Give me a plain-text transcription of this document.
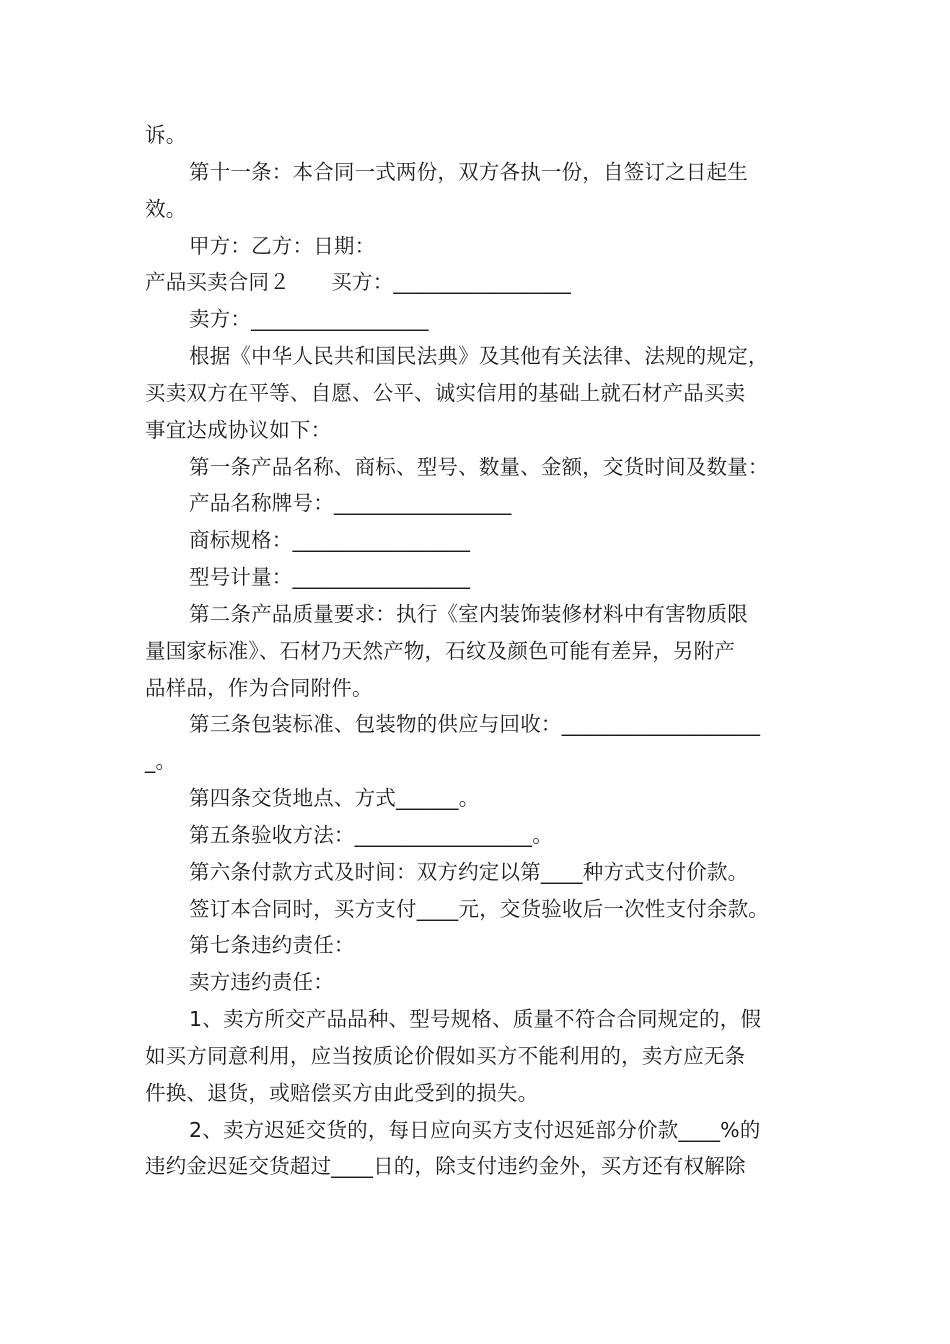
诉。
第十一条：本合同一式两份，双方各执一份，自签订之日起生
效。
甲方：乙方：日期：
产品买卖合同２　　买方：_________________
卖方：_________________
根据《中华人民共和国民法典》及其他有关法律、法规的规定，
买卖双方在平等、自愿、公平、诚实信用的基础上就石材产品买卖
事宜达成协议如下：
第一条产品名称、商标、型号、数量、金额，交货时间及数量：
产品名称牌号：_________________
商标规格：_________________
型号计量：_________________
第二条产品质量要求：执行《室内装饰装修材料中有害物质限
量国家标准》、石材乃天然产物，石纹及颜色可能有差异，另附产
品样品，作为合同附件。
第三条包装标准、包装物的供应与回收：___________________
_。
第四条交货地点、方式______。
第五条验收方法：_________________。
第六条付款方式及时间：双方约定以第____种方式支付价款。
签订本合同时，买方支付____元，交货验收后一次性支付余款。
第七条违约责任：
卖方违约责任：
1、卖方所交产品品种、型号规格、质量不符合合同规定的，假
如买方同意利用，应当按质论价假如买方不能利用的，卖方应无条
件换、退货，或赔偿买方由此受到的损失。
2、卖方迟延交货的，每日应向买方支付迟延部分价款____%的
违约金迟延交货超过____日的，除支付违约金外，买方还有权解除
